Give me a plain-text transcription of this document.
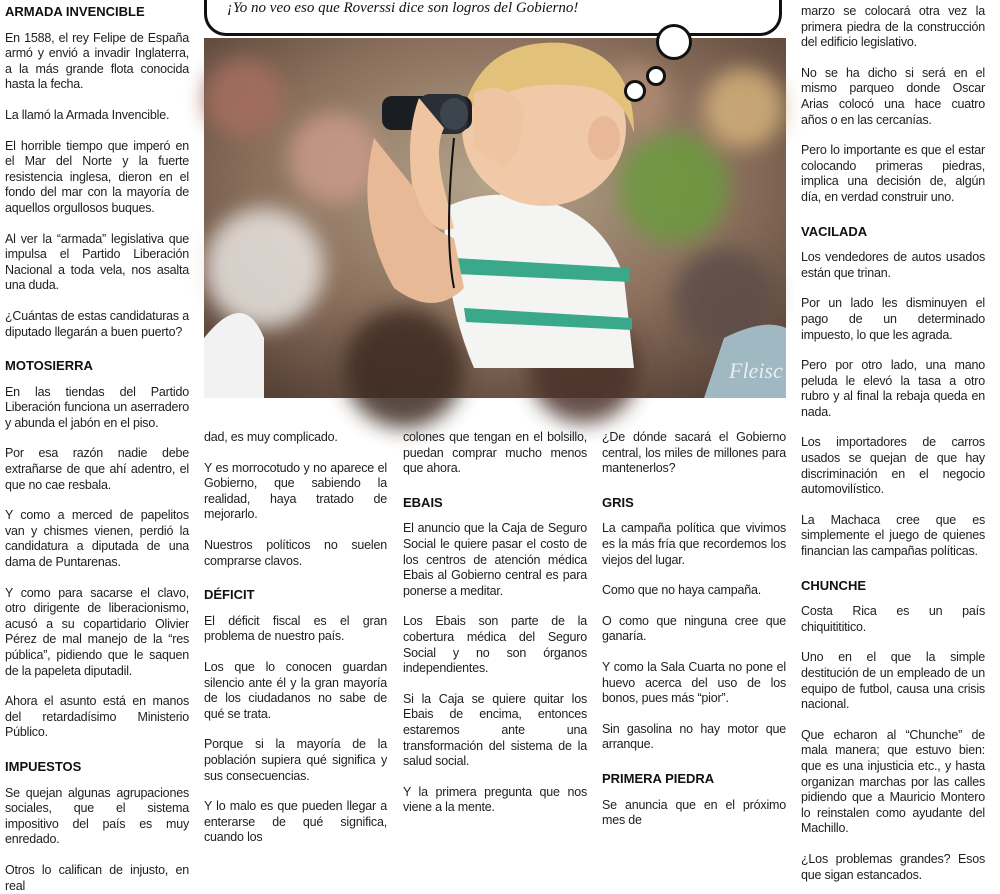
ARMADA INVENCIBLE

En 1588, el rey Felipe de España armó y envió a invadir Inglaterra, a la más grande flota conocida hasta la fecha.

La llamó la Armada Invencible.

El horrible tiempo que imperó en el Mar del Norte y la fuerte resistencia inglesa, dieron en el fondo del mar con la mayoría de aquellos orgullosos buques.

Al ver la “armada” legislativa que impulsa el Partido Liberación Nacional a toda vela, nos asalta una duda.

¿Cuántas de estas candidaturas a diputado llegarán a buen puerto?

MOTOSIERRA

En las tiendas del Partido Liberación funciona un aserradero y abunda el jabón en el piso.

Por esa razón nadie debe extrañarse de que ahí adentro, el que no cae resbala.

Y como a merced de papelitos van y chismes vienen, perdió la candidatura a diputada de una dama de Puntarenas.

Y como para sacarse el clavo, otro dirigente de liberacionismo, acusó a su copartidario Olivier Pérez de mal manejo de la “res pública”, pidiendo que le saquen de la papeleta diputadil.

Ahora el asunto está en manos del retardadísimo Ministerio Público.

IMPUESTOS

Se quejan algunas agrupaciones sociales, que el sistema impositivo del país es muy enredado.

Otros lo califican de injusto, en real

dad, es muy complicado.

Y es morrocotudo y no aparece el Gobierno, que sabiendo la realidad, haya tratado de mejorarlo.

Nuestros políticos no suelen comprarse clavos.

DÉFICIT

El déficit fiscal es el gran problema de nuestro país.

Los que lo conocen guardan silencio ante él y la gran mayoría de los ciudadanos no sabe de qué se trata.

Porque si la mayoría de la población supiera qué significa y sus consecuencias.

Y lo malo es que pueden llegar a enterarse de qué significa, cuando los

colones que tengan en el bolsillo, puedan comprar mucho menos que ahora.

EBAIS

El anuncio que la Caja de Seguro Social le quiere pasar el costo de los centros de atención médica Ebais al Gobierno central es para ponerse a meditar.

Los Ebais son parte de la cobertura médica del Seguro Social y no son órganos independientes.

Si la Caja se quiere quitar los Ebais de encima, entonces estaremos ante una transformación del sistema de la salud social.

Y la primera pregunta que nos viene a la mente.

¿De dónde sacará el Gobierno central, los miles de millones para mantenerlos?

GRIS

La campaña política que vivimos es la más fría que recordemos los viejos del lugar.

Como que no haya campaña.

O como que ninguna cree que ganaría.

Y como la Sala Cuarta no pone el huevo acerca del uso de los bonos, pues más “pior”.

Sin gasolina no hay motor que arranque.

PRIMERA PIEDRA

Se anuncia que en el próximo mes de

marzo se colocará otra vez la primera piedra de la construcción del edificio legislativo.

No se ha dicho si será en el mismo parqueo donde Oscar Arias colocó una hace cuatro años o en las cercanías.

Pero lo importante es que el estar colocando primeras piedras, implica una decisión de, algún día, en verdad construir uno.

VACILADA

Los vendedores de autos usados están que trinan.

Por un lado les disminuyen el pago de un determinado impuesto, lo que les agrada.

Pero por otro lado, una mano peluda le elevó la tasa a otro rubro y al final la rebaja queda en nada.

Los importadores de carros usados se quejan de que hay discriminación en el negocio automovilístico.

La Machaca cree que es simplemente el juego de quienes financian las campañas políticas.

CHUNCHE

Costa Rica es un país chiquitititico.

Uno en el que la simple destitución de un empleado de un equipo de futbol, causa una crisis nacional.

Que echaron al “Chunche” de mala manera; que estuvo bien: que es una injusticia etc., y hasta organizan marchas por las calles pidiendo que a Mauricio Montero lo reinstalen como ayudante del Machillo.

¿Los problemas grandes? Esos que sigan estancados.

Fleisc
¡Yo no veo eso que Roverssi dice son logros del Gobierno!
